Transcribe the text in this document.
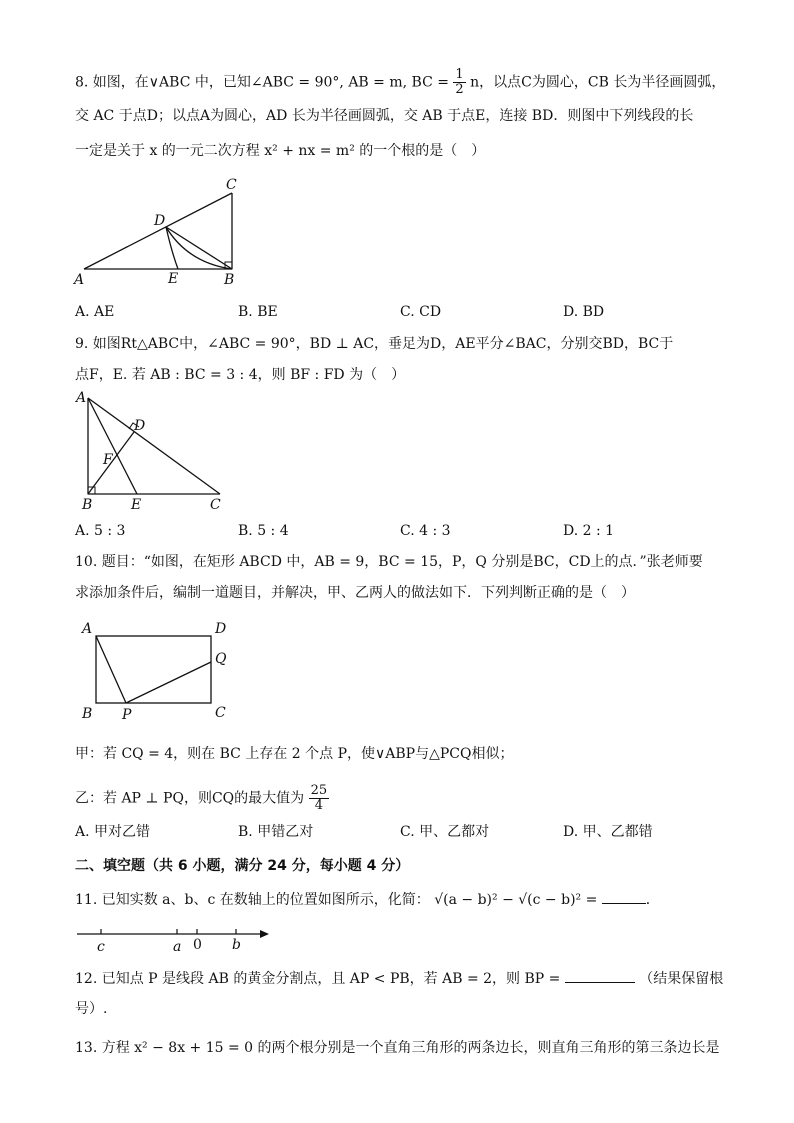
8. 如图，在∨ABC 中，已知∠ABC = 90°, AB = m, BC = $\frac{1}{2}$ n，以点C为圆心，CB 长为半径画圆弧，
交 AC 于点D；以点A为圆心，AD 长为半径画圆弧，交 AB 于点E，连接 BD．则图中下列线段的长
一定是关于 x 的一元二次方程 x² + nx = m² 的一个根的是（　）
A	B
C
D
E
A. AE	B. BE	C. CD	D. BD
9. 如图Rt△ABC中，∠ABC = 90°，BD ⊥ AC，垂足为D，AE平分∠BAC，分别交BD，BC于
点F，E. 若 AB : BC = 3 : 4，则 BF : FD 为（　）
A
B	C
D
E
F
A. 5 : 3	B. 5 : 4	C. 4 : 3	D. 2 : 1
10. 题目：“如图，在矩形 ABCD 中，AB = 9，BC = 15，P，Q 分别是BC，CD上的点．”张老师要
求添加条件后，编制一道题目，并解决，甲、乙两人的做法如下．下列判断正确的是（　）
A	D
Q
B P	C
甲：若 CQ = 4，则在 BC 上存在 2 个点 P，使∨ABP与△PCQ相似；
乙：若 AP ⊥ PQ，则CQ的最大值为 $\frac{25}{4}$
A. 甲对乙错	B. 甲错乙对	C. 甲、乙都对	D. 甲、乙都错
二、填空题（共 6 小题，满分 24 分，每小题 4 分）
11. 已知实数 a、b、c 在数轴上的位置如图所示，化简： √(a − b)² − √(c − b)² =	．
c	a 0 b
12. 已知点 P 是线段 AB 的黄金分割点，且 AP < PB，若 AB = 2，则 BP =	（结果保留根
号）.
13. 方程 x² − 8x + 15 = 0 的两个根分别是一个直角三角形的两条边长，则直角三角形的第三条边长是
